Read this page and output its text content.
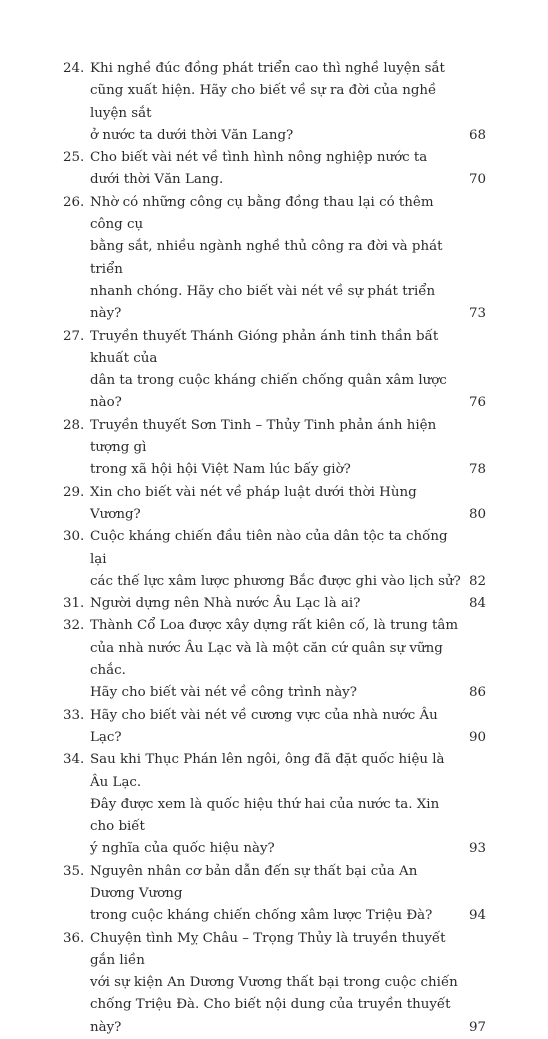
24. Khi nghề đúc đồng phát triển cao thì nghề luyện sắt
cũng xuất hiện. Hãy cho biết về sự ra đời của nghề luyện sắt
ở nước ta dưới thời Văn Lang?	68
25. Cho biết vài nét về tình hình nông nghiệp nước ta
dưới thời Văn Lang.	70
26. Nhờ có những công cụ bằng đồng thau lại có thêm công cụ
bằng sắt, nhiều ngành nghề thủ công ra đời và phát triển
nhanh chóng. Hãy cho biết vài nét về sự phát triển này?	73
27. Truyền thuyết Thánh Gióng phản ánh tinh thần bất khuất của
dân ta trong cuộc kháng chiến chống quân xâm lược nào?	76
28. Truyền thuyết Sơn Tinh – Thủy Tinh phản ánh hiện tượng gì
trong xã hội hội Việt Nam lúc bấy giờ?	78
29. Xin cho biết vài nét về pháp luật dưới thời Hùng Vương?	80
30. Cuộc kháng chiến đầu tiên nào của dân tộc ta chống lại
các thế lực xâm lược phương Bắc được ghi vào lịch sử? 82
31. Người dựng nên Nhà nước Âu Lạc là ai?	84
32. Thành Cổ Loa được xây dựng rất kiên cố, là trung tâm
của nhà nước Âu Lạc và là một căn cứ quân sự vững chắc.
Hãy cho biết vài nét về công trình này?	86
33. Hãy cho biết vài nét về cương vực của nhà nước Âu Lạc?	90
34. Sau khi Thục Phán lên ngôi, ông đã đặt quốc hiệu là Âu Lạc.
Đây được xem là quốc hiệu thứ hai của nước ta. Xin cho biết
ý nghĩa của quốc hiệu này?	93
35. Nguyên nhân cơ bản dẫn đến sự thất bại của An Dương Vương
trong cuộc kháng chiến chống xâm lược Triệu Đà?	94
36. Chuyện tình Mỵ Châu – Trọng Thủy là truyền thuyết gắn liền
với sự kiện An Dương Vương thất bại trong cuộc chiến
chống Triệu Đà. Cho biết nội dung của truyền thuyết này?	97
